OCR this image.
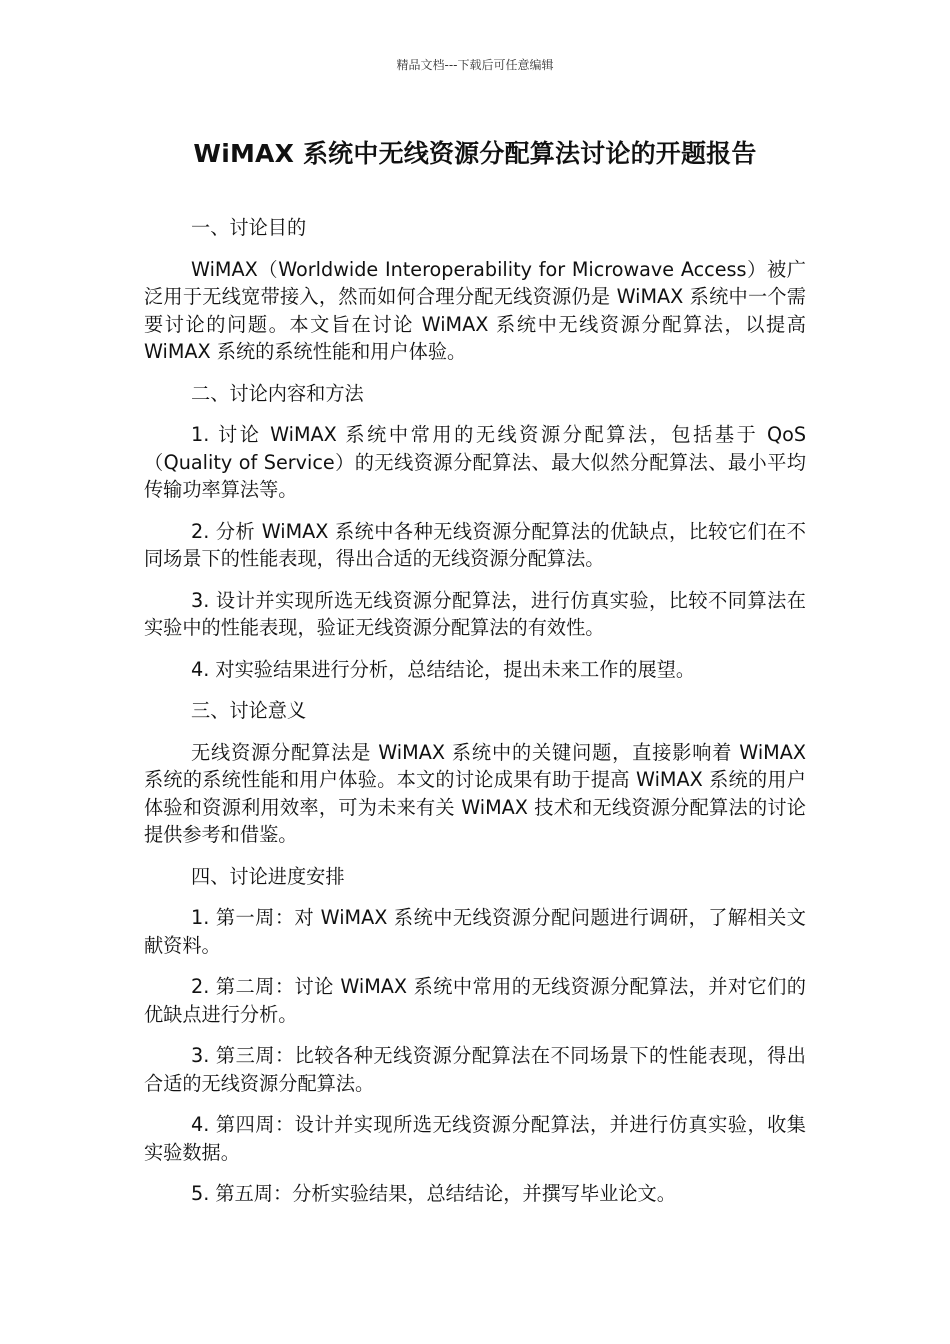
精品文档---下载后可任意编辑
WiMAX 系统中无线资源分配算法讨论的开题报告

一、讨论目的

WiMAX（Worldwide Interoperability for Microwave Access）被广泛用于无线宽带接入，然而如何合理分配无线资源仍是 WiMAX 系统中一个需要讨论的问题。本文旨在讨论 WiMAX 系统中无线资源分配算法，以提高 WiMAX 系统的系统性能和用户体验。

二、讨论内容和方法

1. 讨论 WiMAX 系统中常用的无线资源分配算法，包括基于 QoS（Quality of Service）的无线资源分配算法、最大似然分配算法、最小平均传输功率算法等。

2. 分析 WiMAX 系统中各种无线资源分配算法的优缺点，比较它们在不同场景下的性能表现，得出合适的无线资源分配算法。

3. 设计并实现所选无线资源分配算法，进行仿真实验，比较不同算法在实验中的性能表现，验证无线资源分配算法的有效性。

4. 对实验结果进行分析，总结结论，提出未来工作的展望。

三、讨论意义

无线资源分配算法是 WiMAX 系统中的关键问题，直接影响着 WiMAX 系统的系统性能和用户体验。本文的讨论成果有助于提高 WiMAX 系统的用户体验和资源利用效率，可为未来有关 WiMAX 技术和无线资源分配算法的讨论提供参考和借鉴。

四、讨论进度安排

1. 第一周：对 WiMAX 系统中无线资源分配问题进行调研，了解相关文献资料。

2. 第二周：讨论 WiMAX 系统中常用的无线资源分配算法，并对它们的优缺点进行分析。

3. 第三周：比较各种无线资源分配算法在不同场景下的性能表现，得出合适的无线资源分配算法。

4. 第四周：设计并实现所选无线资源分配算法，并进行仿真实验，收集实验数据。

5. 第五周：分析实验结果，总结结论，并撰写毕业论文。
